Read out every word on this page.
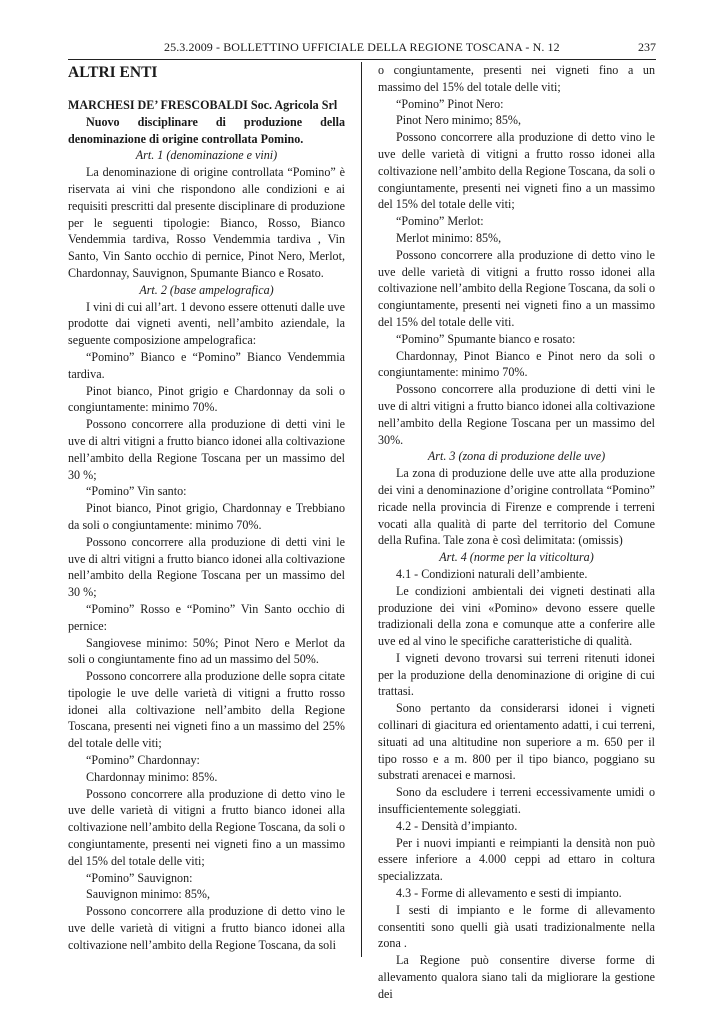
25.3.2009 - BOLLETTINO UFFICIALE DELLA REGIONE TOSCANA - N. 12	237
ALTRI ENTI
MARCHESI DE’ FRESCOBALDI Soc. Agricola Srl

Nuovo disciplinare di produzione della denominazione di origine controllata Pomino.

Art. 1 (denominazione e vini)

La denominazione di origine controllata “Pomino” è riservata ai vini che rispondono alle condizioni e ai requisiti prescritti dal presente disciplinare di produzione per le seguenti tipologie: Bianco, Rosso, Bianco Vendemmia tardiva, Rosso Vendemmia tardiva , Vin Santo, Vin Santo occhio di pernice, Pinot Nero, Merlot, Chardonnay, Sauvignon, Spumante Bianco e Rosato.

Art. 2 (base ampelografica)

I vini di cui all’art. 1 devono essere ottenuti dalle uve prodotte dai vigneti aventi, nell’ambito aziendale, la seguente composizione ampelografica:

“Pomino” Bianco e “Pomino” Bianco Vendemmia tardiva.

Pinot bianco, Pinot grigio e Chardonnay da soli o congiuntamente: minimo 70%.

Possono concorrere alla produzione di detti vini le uve di altri vitigni a frutto bianco idonei alla coltivazione nell’ambito della Regione Toscana per un massimo del 30 %;

“Pomino” Vin santo:

Pinot bianco, Pinot grigio, Chardonnay e Trebbiano da soli o congiuntamente: minimo 70%.

Possono concorrere alla produzione di detti vini le uve di altri vitigni a frutto bianco idonei alla coltivazione nell’ambito della Regione Toscana per un massimo del 30 %;

“Pomino” Rosso e “Pomino” Vin Santo occhio di pernice:

Sangiovese minimo: 50%; Pinot Nero e Merlot da soli o congiuntamente fino ad un massimo del 50%.

Possono concorrere alla produzione delle sopra citate tipologie le uve delle varietà di vitigni a frutto rosso idonei alla coltivazione nell’ambito della Regione Toscana, presenti nei vigneti fino a un massimo del 25% del totale delle viti;

“Pomino” Chardonnay:

Chardonnay minimo: 85%.

Possono concorrere alla produzione di detto vino le uve delle varietà di vitigni a frutto bianco idonei alla coltivazione nell’ambito della Regione Toscana, da soli o congiuntamente, presenti nei vigneti fino a un massimo del 15% del totale delle viti;

“Pomino” Sauvignon:

Sauvignon minimo: 85%,

Possono concorrere alla produzione di detto vino le uve delle varietà di vitigni a frutto bianco idonei alla coltivazione nell’ambito della Regione Toscana, da soli

o congiuntamente, presenti nei vigneti fino a un massimo del 15% del totale delle viti;

“Pomino” Pinot Nero:

Pinot Nero minimo; 85%,

Possono concorrere alla produzione di detto vino le uve delle varietà di vitigni a frutto rosso idonei alla coltivazione nell’ambito della Regione Toscana, da soli o congiuntamente, presenti nei vigneti fino a un massimo del 15% del totale delle viti;

“Pomino” Merlot:

Merlot minimo: 85%,

Possono concorrere alla produzione di detto vino le uve delle varietà di vitigni a frutto rosso idonei alla coltivazione nell’ambito della Regione Toscana, da soli o congiuntamente, presenti nei vigneti fino a un massimo del 15% del totale delle viti.

“Pomino” Spumante bianco e rosato:

Chardonnay, Pinot Bianco e Pinot nero da soli o congiuntamente: minimo 70%.

Possono concorrere alla produzione di detti vini le uve di altri vitigni a frutto bianco idonei alla coltivazione nell’ambito della Regione Toscana per un massimo del 30%.

Art. 3 (zona di produzione delle uve)

La zona di produzione delle uve atte alla produzione dei vini a denominazione d’origine controllata “Pomino” ricade nella provincia di Firenze e comprende i terreni vocati alla qualità di parte del territorio del Comune della Rufina. Tale zona è così delimitata: (omissis)

Art. 4 (norme per la viticoltura)

4.1 - Condizioni naturali dell’ambiente.

Le condizioni ambientali dei vigneti destinati alla produzione dei vini «Pomino» devono essere quelle tradizionali della zona e comunque atte a conferire alle uve ed al vino le specifiche caratteristiche di qualità.

I vigneti devono trovarsi sui terreni ritenuti idonei per la produzione della denominazione di origine di cui trattasi.

Sono pertanto da considerarsi idonei i vigneti collinari di giacitura ed orientamento adatti, i cui terreni, situati ad una altitudine non superiore a m. 650 per il tipo rosso e a m. 800 per il tipo bianco, poggiano su substrati arenacei e marnosi.

Sono da escludere i terreni eccessivamente umidi o insufficientemente soleggiati.

4.2 - Densità d’impianto.

Per i nuovi impianti e reimpianti la densità non può essere inferiore a 4.000 ceppi ad ettaro in coltura specializzata.

4.3 - Forme di allevamento e sesti di impianto.

I sesti di impianto e le forme di allevamento consentiti sono quelli già usati tradizionalmente nella zona .

La Regione può consentire diverse forme di allevamento qualora siano tali da migliorare la gestione dei
